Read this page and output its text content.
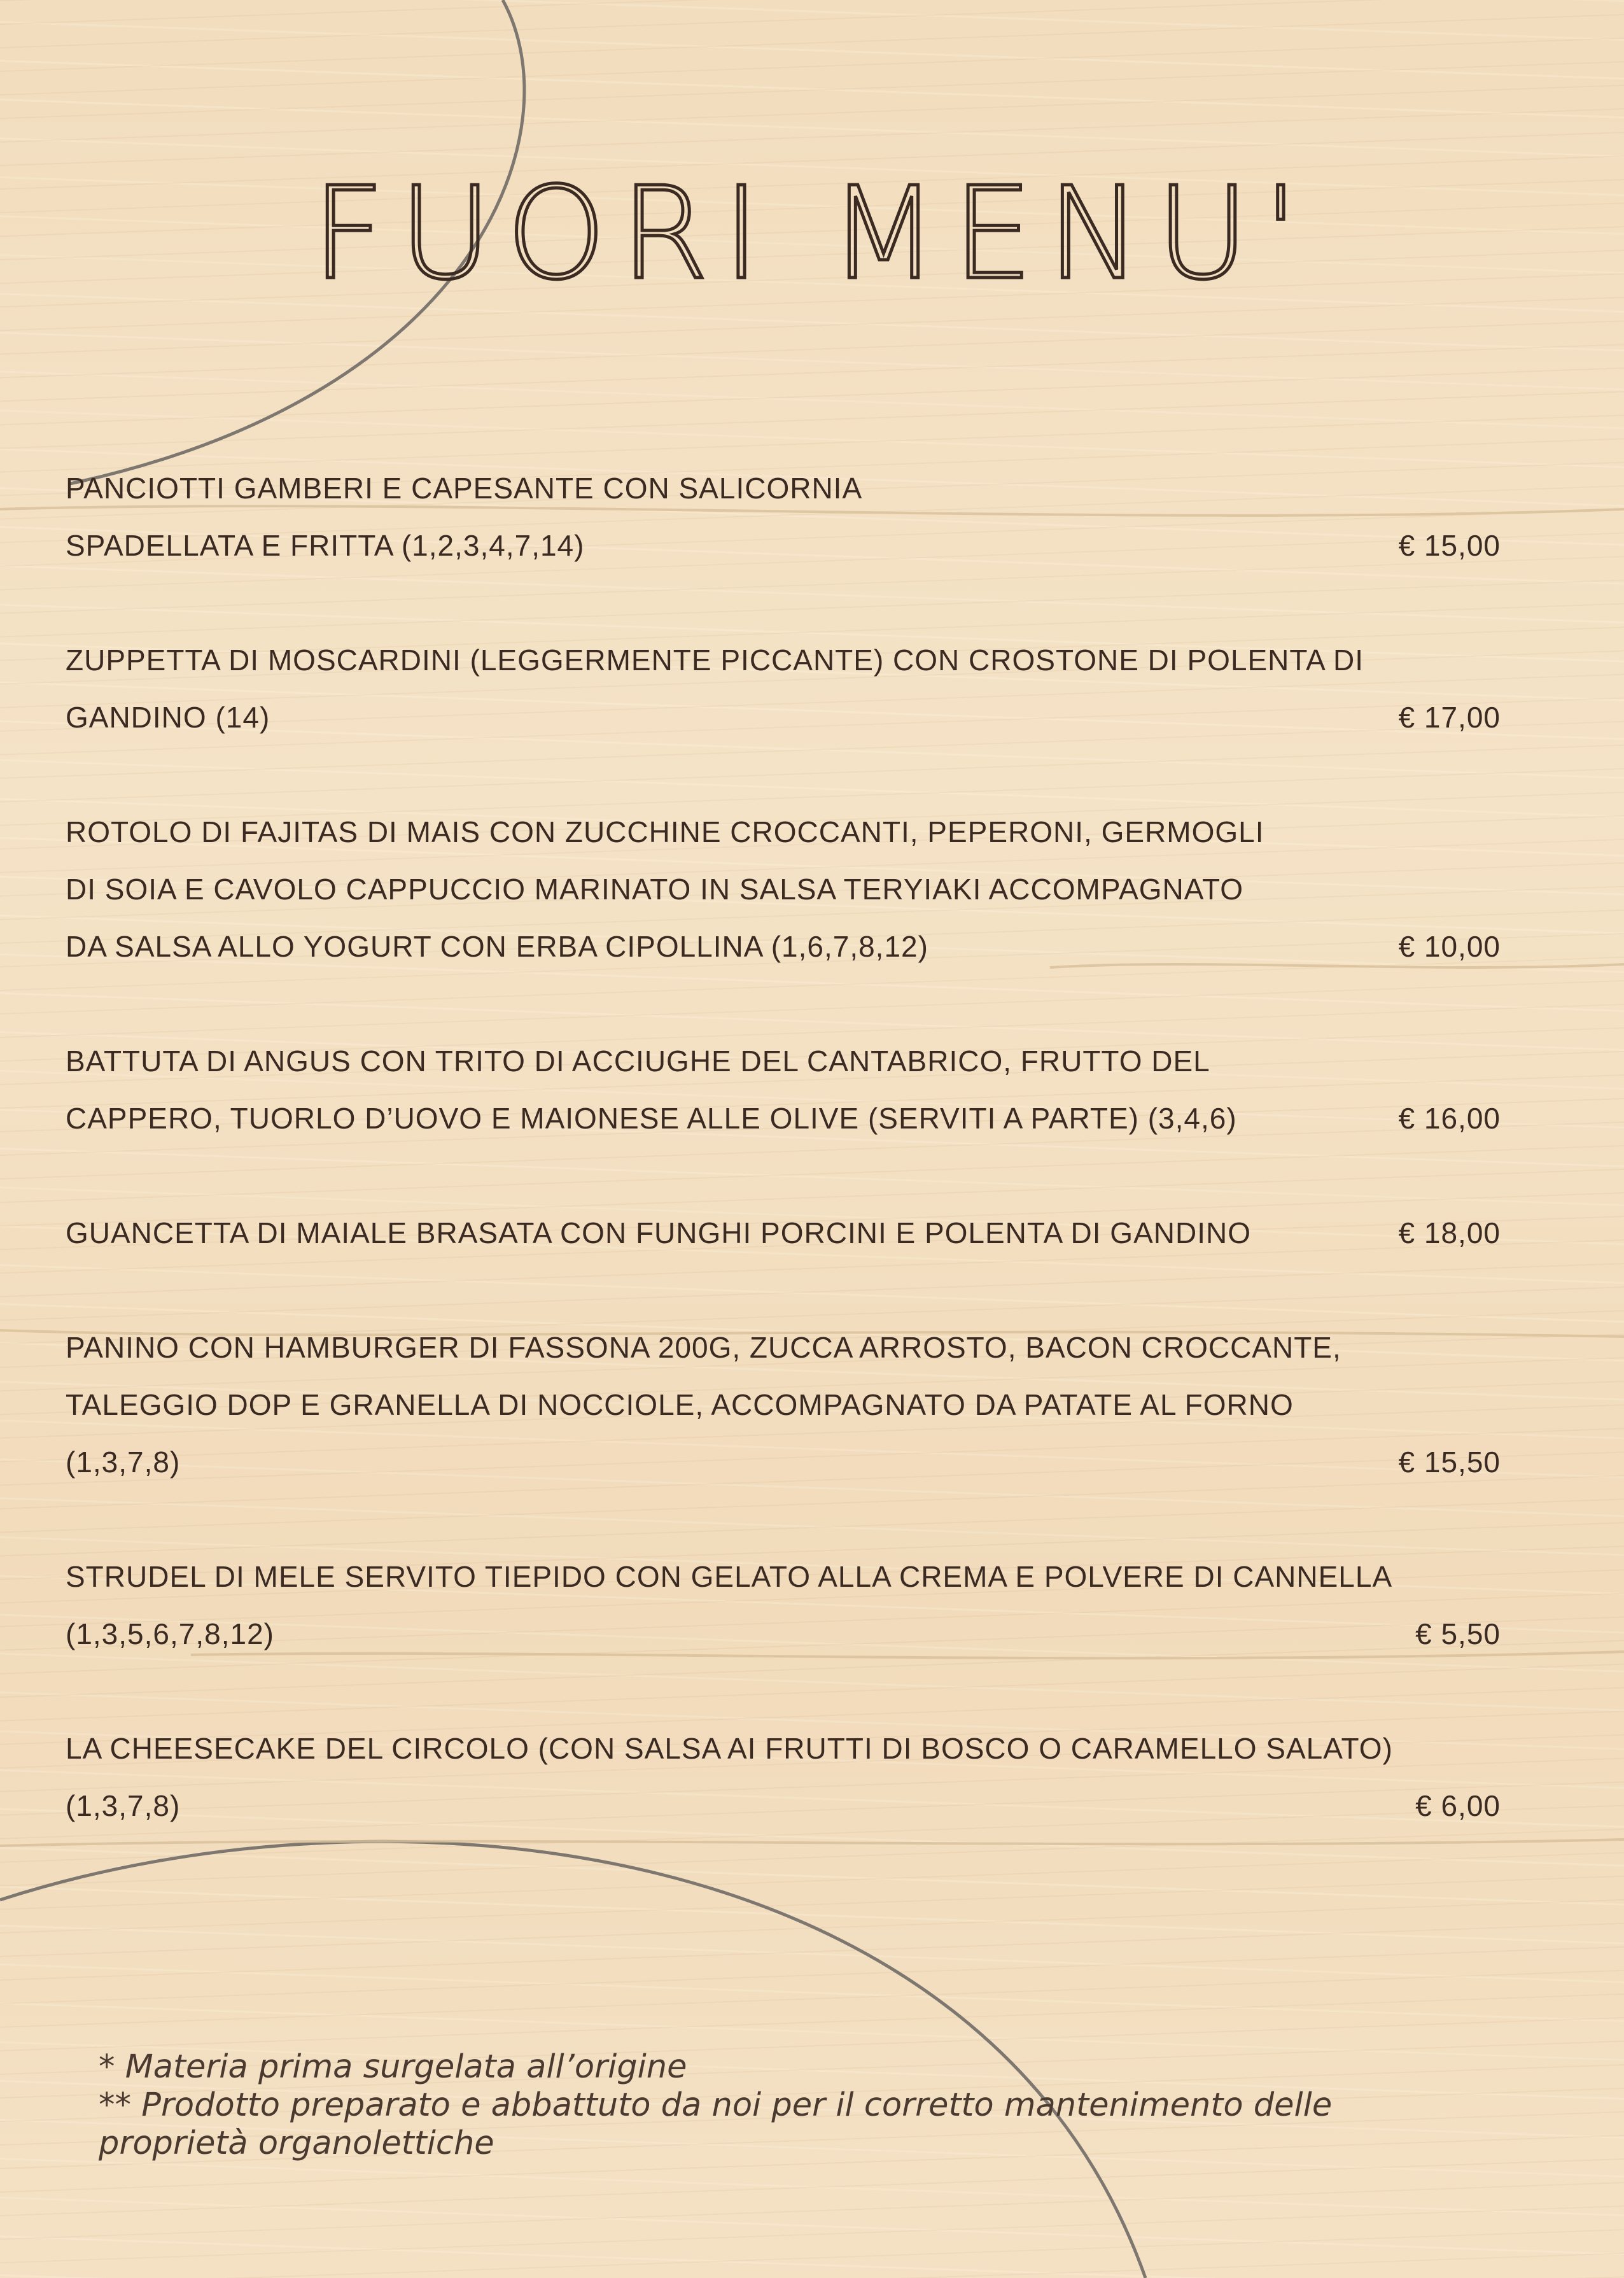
FUORI MENU'
PANCIOTTI GAMBERI E CAPESANTE CON SALICORNIA
SPADELLATA E FRITTA (1,2,3,4,7,14)	€ 15,00
ZUPPETTA DI MOSCARDINI (LEGGERMENTE PICCANTE) CON CROSTONE DI POLENTA DI
GANDINO (14)	€ 17,00
ROTOLO DI FAJITAS DI MAIS CON ZUCCHINE CROCCANTI, PEPERONI, GERMOGLI
DI SOIA E CAVOLO CAPPUCCIO MARINATO IN SALSA TERYIAKI ACCOMPAGNATO
DA SALSA ALLO YOGURT CON ERBA CIPOLLINA (1,6,7,8,12)	€ 10,00
BATTUTA DI ANGUS CON TRITO DI ACCIUGHE DEL CANTABRICO, FRUTTO DEL
CAPPERO, TUORLO D’UOVO E MAIONESE ALLE OLIVE (SERVITI A PARTE) (3,4,6)	€ 16,00
GUANCETTA DI MAIALE BRASATA CON FUNGHI PORCINI E POLENTA DI GANDINO	€ 18,00
PANINO CON HAMBURGER DI FASSONA 200G, ZUCCA ARROSTO, BACON CROCCANTE,
TALEGGIO DOP E GRANELLA DI NOCCIOLE, ACCOMPAGNATO DA PATATE AL FORNO
(1,3,7,8)	€ 15,50
STRUDEL DI MELE SERVITO TIEPIDO CON GELATO ALLA CREMA E POLVERE DI CANNELLA
(1,3,5,6,7,8,12)	€ 5,50
LA CHEESECAKE DEL CIRCOLO (CON SALSA AI FRUTTI DI BOSCO O CARAMELLO SALATO)
(1,3,7,8)	€ 6,00
* Materia prima surgelata all’origine
** Prodotto preparato e abbattuto da noi per il corretto mantenimento delle
proprietà organolettiche
